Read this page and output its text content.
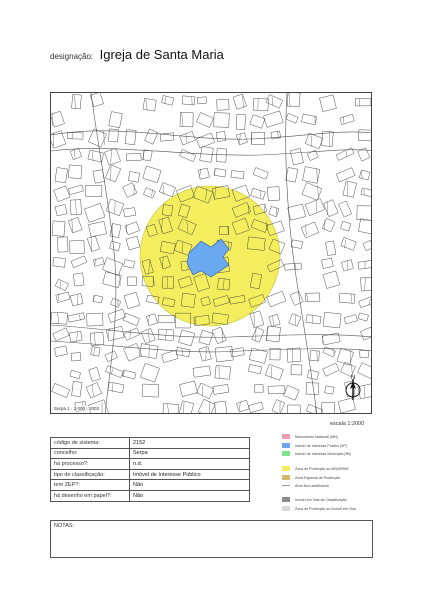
designação: Igreja de Santa Maria
Serpa 1 · 2.000 · 2003
N
escala 1:2000
código de sistema:	2152
concelho:	Serpa
há processo?:	n.d.
tipo de classificação:	Imóvel de Interesse Público
tem ZEP?:	Não
há desenho em papel?:	Não
Monumento Nacional (MN)
Imóvel de Interesse Público (IIP)
Imóvel de Interesse Municipal (IIM)
Zona de Protecção ao MN/IIP/IIM
Zona Especial de Protecção
Área Non-aedificandi
Imóvel em Vias de Classificação
Zona de Protecção ao Imóvel em Vias
NOTAS:
